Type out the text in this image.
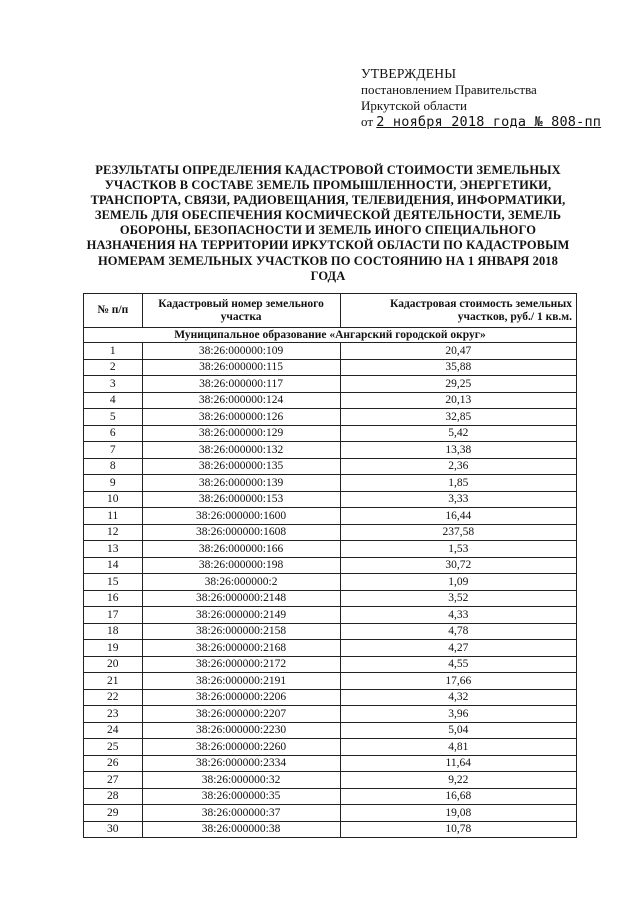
УТВЕРЖДЕНЫ
постановлением Правительства
Иркутской области
от 2 ноября 2018 года № 808-пп
РЕЗУЛЬТАТЫ ОПРЕДЕЛЕНИЯ КАДАСТРОВОЙ СТОИМОСТИ ЗЕМЕЛЬНЫХ УЧАСТКОВ В СОСТАВЕ ЗЕМЕЛЬ ПРОМЫШЛЕННОСТИ, ЭНЕРГЕТИКИ, ТРАНСПОРТА, СВЯЗИ, РАДИОВЕЩАНИЯ, ТЕЛЕВИДЕНИЯ, ИНФОРМАТИКИ, ЗЕМЕЛЬ ДЛЯ ОБЕСПЕЧЕНИЯ КОСМИЧЕСКОЙ ДЕЯТЕЛЬНОСТИ, ЗЕМЕЛЬ ОБОРОНЫ, БЕЗОПАСНОСТИ И ЗЕМЕЛЬ ИНОГО СПЕЦИАЛЬНОГО НАЗНАЧЕНИЯ НА ТЕРРИТОРИИ ИРКУТСКОЙ ОБЛАСТИ ПО КАДАСТРОВЫМ НОМЕРАМ ЗЕМЕЛЬНЫХ УЧАСТКОВ ПО СОСТОЯНИЮ НА 1 ЯНВАРЯ 2018 ГОДА
№ п/п	Кадастровый номер земельного участка	Кадастровая стоимость земельных участков, руб./ 1 кв.м.

Муниципальное образование «Ангарский городской округ»		
1	38:26:000000:109	20,47
2	38:26:000000:115	35,88
3	38:26:000000:117	29,25
4	38:26:000000:124	20,13
5	38:26:000000:126	32,85
6	38:26:000000:129	5,42
7	38:26:000000:132	13,38
8	38:26:000000:135	2,36
9	38:26:000000:139	1,85
10	38:26:000000:153	3,33
11	38:26:000000:1600	16,44
12	38:26:000000:1608	237,58
13	38:26:000000:166	1,53
14	38:26:000000:198	30,72
15	38:26:000000:2	1,09
16	38:26:000000:2148	3,52
17	38:26:000000:2149	4,33
18	38:26:000000:2158	4,78
19	38:26:000000:2168	4,27
20	38:26:000000:2172	4,55
21	38:26:000000:2191	17,66
22	38:26:000000:2206	4,32
23	38:26:000000:2207	3,96
24	38:26:000000:2230	5,04
25	38:26:000000:2260	4,81
26	38:26:000000:2334	11,64
27	38:26:000000:32	9,22
28	38:26:000000:35	16,68
29	38:26:000000:37	19,08
30	38:26:000000:38	10,78
